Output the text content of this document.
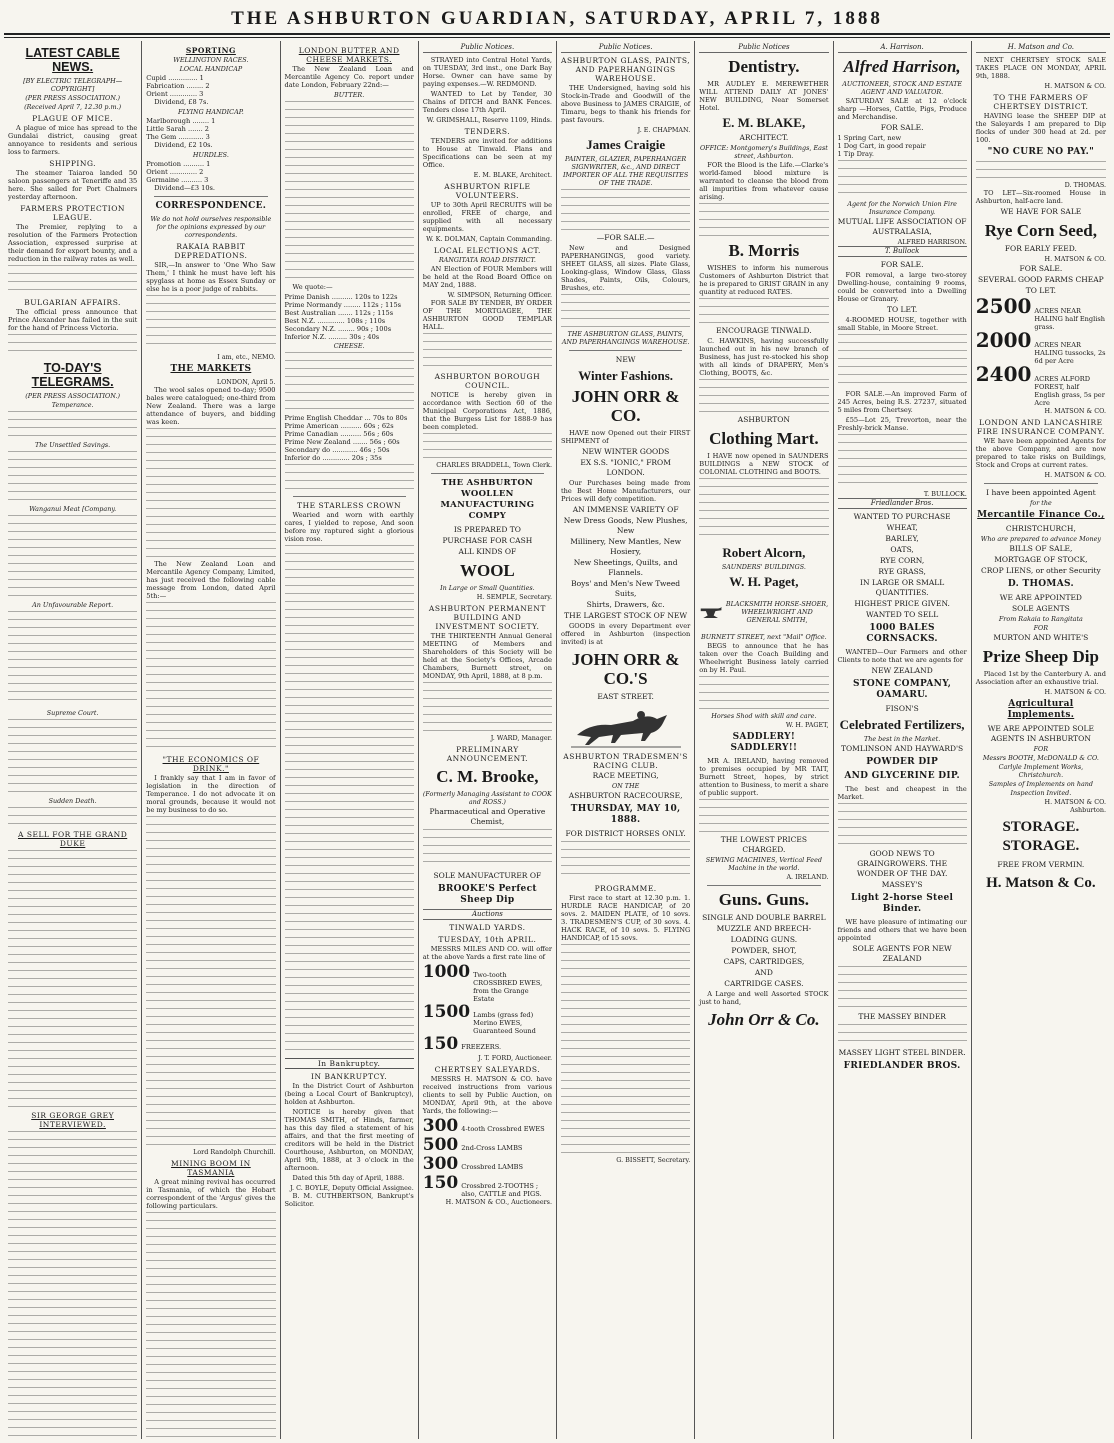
THE ASHBURTON GUARDIAN, SATURDAY, APRIL 7, 1888
LATEST CABLE NEWS.
[BY ELECTRIC TELEGRAPH—COPYRIGHT]
(PER PRESS ASSOCIATION.)
(Received April 7, 12.30 p.m.)
PLAGUE OF MICE.

A plague of mice has spread to the Gundalai district, causing great annoyance to residents and serious loss to farmers.

SHIPPING.

The steamer Taiaroa landed 50 saloon passengers at Teneriffe and 35 here. She sailed for Port Chalmers yesterday afternoon.

FARMERS PROTECTION LEAGUE.

The Premier, replying to a resolution of the Farmers Protection Association, expressed surprise at their demand for export bounty, and a reduction in the railway rates as well.

BULGARIAN AFFAIRS.

The official press announce that Prince Alexander has failed in the suit for the hand of Princess Victoria.

TO-DAY'S TELEGRAMS.
(PER PRESS ASSOCIATION.)
Temperance.
The Unsettled Savings.
Wanganui Meat [Company.
An Unfavourable Report.
Supreme Court.
Sudden Death.
A SELL FOR THE GRAND DUKE
SIR GEORGE GREY INTERVIEWED.
SPORTING
WELLINGTON RACES.
LOCAL HANDICAP
Cupid .............. 1
Fabrication ........ 2
Orient ............. 3
Dividend, £8 7s.
FLYING HANDICAP.
Marlborough ........ 1
Little Sarah ....... 2
The Gem ............ 3
Dividend, £2 10s.
HURDLES.
Promotion .......... 1
Orient ............. 2
Germaine .......... 3
Dividend—£3 10s.
CORRESPONDENCE.
We do not hold ourselves responsible for the opinions expressed by our correspondents.
RAKAIA RABBIT DEPREDATIONS.

SIR,—In answer to 'One Who Saw Them,' I think he must have left his spyglass at home as Essex Sunday or else he is a poor judge of rabbits.

I am, etc., NEMO.
THE MARKETS
LONDON, April 5.

The wool sales opened to-day; 9500 bales were catalogued; one-third from New Zealand. There was a large attendance of buyers, and bidding was keen.

The New Zealand Loan and Mercantile Agency Company, Limited, has just received the following cable message from London, dated April 5th:—

"THE ECONOMICS OF DRINK."

I frankly say that I am in favor of legislation in the direction of Temperance. I do not advocate it on moral grounds, because it would not be my business to do so.

Lord Randolph Churchill.
MINING BOOM IN TASMANIA

A great mining revival has occurred in Tasmania, of which the Hobart correspondent of the 'Argus' gives the following particulars.

LONDON BUTTER AND CHEESE MARKETS.

The New Zealand Loan and Mercantile Agency Co. report under date London, February 22nd:—

BUTTER.
We quote:—
Prime Danish .......... 120s to 122s
Prime Normandy ........ 112s ; 115s
Best Australian ....... 112s ; 115s
Best N.Z. ............. 108s ; 110s
Secondary N.Z. ........ 90s ; 100s
Inferior N.Z. ......... 30s ; 40s
CHEESE.
Prime English Cheddar ... 70s to 80s
Prime American .......... 60s ; 62s
Prime Canadian .......... 56s ; 60s
Prime New Zealand ....... 56s ; 60s
Secondary do ............ 46s ; 50s
Inferior do ............. 20s ; 35s
THE STARLESS CROWN

Wearied and worn with earthly cares, I yielded to repose, And soon before my raptured sight a glorious vision rose.

In Bankruptcy.
IN BANKRUPTCY.

In the District Court of Ashburton (being a Local Court of Bankruptcy), holden at Ashburton.

NOTICE is hereby given that THOMAS SMITH, of Hinds, farmer, has this day filed a statement of his affairs, and that the first meeting of creditors will be held in the District Courthouse, Ashburton, on MONDAY, April 9th, 1888, at 3 o'clock in the afternoon.

Dated this 5th day of April, 1888.
J. C. BOYLE, Deputy Official Assignee.
B. M. CUTHBERTSON, Bankrupt's Solicitor.
Public Notices.

STRAYED into Central Hotel Yards, on TUESDAY, 3rd inst., one Dark Bay Horse. Owner can have same by paying expenses.—W. REDMOND.

WANTED to Let by Tender, 30 Chains of DITCH and BANK Fences. Tenders close 17th April.

W. GRIMSHALL, Reserve 1109, Hinds.
TENDERS.

TENDERS are invited for additions to House at Tinwald. Plans and Specifications can be seen at my Office.

E. M. BLAKE, Architect.
ASHBURTON RIFLE VOLUNTEERS.

UP to 30th April RECRUITS will be enrolled, FREE of charge, and supplied with all necessary equipments.

W. K. DOLMAN, Captain Commanding.
LOCAL ELECTIONS ACT.
RANGITATA ROAD DISTRICT.

AN Election of FOUR Members will be held at the Road Board Office on MAY 2nd, 1888.

W. SIMPSON, Returning Officer.

FOR SALE BY TENDER, BY ORDER OF THE MORTGAGEE, THE ASHBURTON GOOD TEMPLAR HALL.

ASHBURTON BOROUGH COUNCIL.

NOTICE is hereby given in accordance with Section 60 of the Municipal Corporations Act, 1886, that the Burgess List for 1888-9 has been completed.

CHARLES BRADDELL, Town Clerk.
THE ASHBURTON WOOLLEN MANUFACTURING COMPY
IS PREPARED TO
PURCHASE FOR CASH
ALL KINDS OF
WOOL
In Large or Small Quantities.
H. SEMPLE, Secretary.
ASHBURTON PERMANENT BUILDING AND INVESTMENT SOCIETY.

THE THIRTEENTH Annual General MEETING of Members and Shareholders of this Society will be held at the Society's Offices, Arcade Chambers, Burnett street, on MONDAY, 9th April, 1888, at 8 p.m.

J. WARD, Manager.
PRELIMINARY ANNOUNCEMENT.
C. M. Brooke,
(Formerly Managing Assistant to COOK and ROSS.)
Pharmaceutical and Operative Chemist,
SOLE MANUFACTURER OF
BROOKE'S Perfect Sheep Dip
Auctions
TINWALD YARDS.
TUESDAY, 10th APRIL.

MESSRS MILES AND CO. will offer at the above Yards a first rate line of

1000 Two-tooth CROSSBRED EWES, from the Grange Estate
1500 Lambs (grass fed) Merino EWES, Guaranteed Sound
150 FREEZERS.
J. T. FORD, Auctioneer.
CHERTSEY SALEYARDS.

MESSRS H. MATSON & CO. have received instructions from various clients to sell by Public Auction, on MONDAY, April 9th, at the above Yards, the following:—

300 4-tooth Crossbred EWES
500 2nd-Cross LAMBS
300 Crossbred LAMBS
150 Crossbred 2-TOOTHS ; also, CATTLE and PIGS.
H. MATSON & CO., Auctioneers.
Public Notices.
ASHBURTON GLASS, PAINTS, AND PAPERHANGINGS WAREHOUSE.

THE Undersigned, having sold his Stock-in-Trade and Goodwill of the above Business to JAMES CRAIGIE, of Timaru, begs to thank his friends for past favours.

J. E. CHAPMAN.
James Craigie
PAINTER, GLAZIER, PAPERHANGER SIGNWRITER, &c., AND DIRECT IMPORTER OF ALL THE REQUISITES OF THE TRADE.
—FOR SALE.—

New and Designed PAPERHANGINGS, good variety. SHEET GLASS, all sizes. Plate Glass, Looking-glass, Window Glass, Glass Shades, Paints, Oils, Colours, Brushes, etc.

THE ASHBURTON GLASS, PAINTS, AND PAPERHANGINGS WAREHOUSE.
NEW
Winter Fashions.
JOHN ORR & CO.

HAVE now Opened out their FIRST SHIPMENT of

NEW WINTER GOODS
EX S.S. "IONIC," FROM LONDON.

Our Purchases being made from the Best Home Manufacturers, our Prices will defy competition.

AN IMMENSE VARIETY OF
New Dress Goods, New Plushes, New
Millinery, New Mantles, New Hosiery,
New Sheetings, Quilts, and Flannels.
Boys' and Men's New Tweed Suits,
Shirts, Drawers, &c.
THE LARGEST STOCK OF NEW

GOODS in every Department ever offered in Ashburton (inspection invited) is at

JOHN ORR & CO.'S
EAST STREET.
ASHBURTON TRADESMEN'S RACING CLUB.
RACE MEETING,
ON THE
ASHBURTON RACECOURSE,
THURSDAY, MAY 10, 1888.
FOR DISTRICT HORSES ONLY.
PROGRAMME.

First race to start at 12.30 p.m. 1. HURDLE RACE HANDICAP, of 20 sovs. 2. MAIDEN PLATE, of 10 sovs. 3. TRADESMEN'S CUP, of 30 sovs. 4. HACK RACE, of 10 sovs. 5. FLYING HANDICAP, of 15 sovs.

G. BISSETT, Secretary.
Public Notices
Dentistry.

MR AUDLEY E. MEREWETHER WILL ATTEND DAILY AT JONES' NEW BUILDING, Near Somerset Hotel.

E. M. BLAKE,
ARCHITECT.
OFFICE: Montgomery's Buildings, East street, Ashburton.

FOR the Blood is the Life.—Clarke's world-famed blood mixture is warranted to cleanse the blood from all impurities from whatever cause arising.

B. Morris

WISHES to inform his numerous Customers of Ashburton District that he is prepared to GRIST GRAIN in any quantity at reduced RATES.

ENCOURAGE TINWALD.

C. HAWKINS, having successfully launched out in his new branch of Business, has just re-stocked his shop with all kinds of DRAPERY, Men's Clothing, BOOTS, &c.

ASHBURTON
Clothing Mart.

I HAVE now opened in SAUNDERS BUILDINGS a NEW STOCK of COLONIAL CLOTHING and BOOTS.

Robert Alcorn,
SAUNDERS' BUILDINGS.
W. H. Paget,
BLACKSMITH HORSE-SHOER, WHEELWRIGHT AND GENERAL SMITH,
BURNETT STREET, next "Mail" Office.

BEGS to announce that he has taken over the Coach Building and Wheelwright Business lately carried on by H. Paul.

Horses Shod with skill and care.
W. H. PAGET,
SADDLERY! SADDLERY!!

MR A. IRELAND, having removed to premises occupied by MR TAIT, Burnett Street, hopes, by strict attention to Business, to merit a share of public support.

THE LOWEST PRICES CHARGED.
SEWING MACHINES, Vertical Feed Machine in the world.
A. IRELAND.
Guns. Guns.
SINGLE AND DOUBLE BARREL
MUZZLE AND BREECH-
LOADING GUNS.
POWDER, SHOT,
CAPS, CARTRIDGES,
AND
CARTRIDGE CASES.

A Large and well Assorted STOCK just to hand,

John Orr & Co.
A. Harrison.
Alfred Harrison,
AUCTIONEER, STOCK AND ESTATE AGENT AND VALUATOR.

SATURDAY SALE at 12 o'clock sharp —Horses, Cattle, Pigs, Produce and Merchandise.

FOR SALE.
1 Spring Cart, new
1 Dog Cart, in good repair
1 Tip Dray.
Agent for the Norwich Union Fire Insurance Company.
MUTUAL LIFE ASSOCIATION OF AUSTRALASIA,
ALFRED HARRISON.
T. Bullock
FOR SALE.

FOR removal, a large two-storey Dwelling-house, containing 9 rooms, could be converted into a Dwelling House or Granary.

TO LET.

4-ROOMED HOUSE, together with small Stable, in Moore Street.

FOR SALE.—An improved Farm of 245 Acres, being R.S. 27237, situated 5 miles from Chertsey.

£55—Lot 25, Trevorton, near the Freshly-brick Manse.

T. BULLOCK.
Friedlander Bros.
WANTED TO PURCHASE
WHEAT,
BARLEY,
OATS,
RYE CORN,
RYE GRASS,
IN LARGE OR SMALL QUANTITIES.
HIGHEST PRICE GIVEN.
WANTED TO SELL
1000 BALES CORNSACKS.

WANTED—Our Farmers and other Clients to note that we are agents for

NEW ZEALAND
STONE COMPANY, OAMARU.
FISON'S
Celebrated Fertilizers,
The best in the Market.
TOMLINSON AND HAYWARD'S
POWDER DIP
AND GLYCERINE DIP.

The best and cheapest in the Market.

GOOD NEWS TO GRAINGROWERS. THE WONDER OF THE DAY.
MASSEY'S
Light 2-horse Steel Binder.

WE have pleasure of intimating our friends and others that we have been appointed

SOLE AGENTS FOR NEW ZEALAND
THE MASSEY BINDER
MASSEY LIGHT STEEL BINDER.
FRIEDLANDER BROS.
H. Matson and Co.

NEXT CHERTSEY STOCK SALE TAKES PLACE ON MONDAY, APRIL 9th, 1888.

H. MATSON & CO.
TO THE FARMERS OF CHERTSEY DISTRICT.

HAVING lease the SHEEP DIP at the Saleyards I am prepared to Dip flocks of under 300 head at 2d. per 100.

"NO CURE NO PAY."
D. THOMAS.

TO LET—Six-roomed House in Ashburton, half-acre land.

WE HAVE FOR SALE
Rye Corn Seed,
FOR EARLY FEED.
H. MATSON & CO.
FOR SALE.
SEVERAL GOOD FARMS CHEAP
TO LET.
2500 ACRES NEAR HALING half English grass.
2000 ACRES NEAR HALING tussocks, 2s 6d per Acre
2400 ACRES ALFORD FOREST, half English grass, 5s per Acre
H. MATSON & CO.
LONDON AND LANCASHIRE FIRE INSURANCE COMPANY.

WE have been appointed Agents for the above Company, and are now prepared to take risks on Buildings, Stock and Crops at current rates.

H. MATSON & CO.
I have been appointed Agent
for the
Mercantile Finance Co.,
CHRISTCHURCH,
Who are prepared to advance Money
BILLS OF SALE,
MORTGAGE OF STOCK,
CROP LIENS, or other Security
D. THOMAS.
WE ARE APPOINTED
SOLE AGENTS
From Rakaia to Rangitata
FOR
MURTON AND WHITE'S
Prize Sheep Dip

Placed 1st by the Canterbury A. and Association after an exhaustive trial.

H. MATSON & CO.
Agricultural Implements.
WE ARE APPOINTED SOLE AGENTS IN ASHBURTON
FOR
Messrs BOOTH, McDONALD & CO.
Carlyle Implement Works, Christchurch.
Samples of Implements on hand
Inspection Invited.
H. MATSON & CO.
Ashburton.
STORAGE. STORAGE.
FREE FROM VERMIN.
H. Matson & Co.
